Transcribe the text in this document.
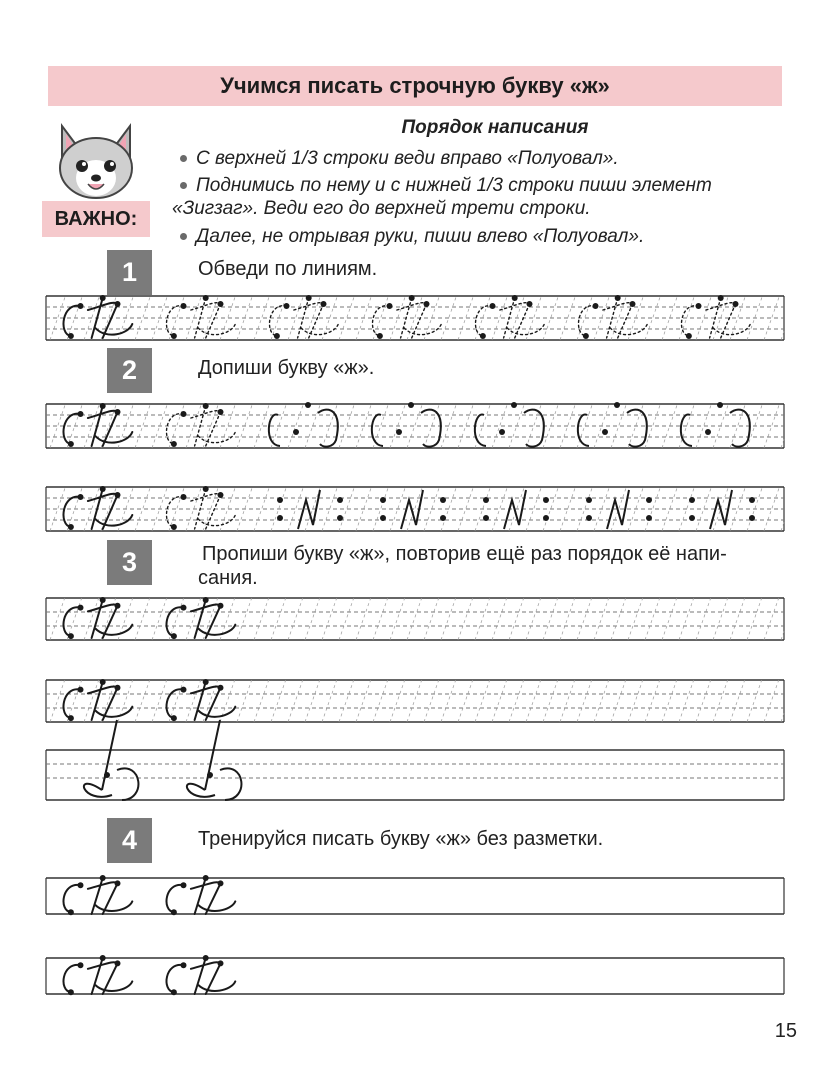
Учимся писать строчную букву «ж»
ВАЖНО:
Порядок написания
С верхней 1/3 строки веди вправо «Полуовал».
Поднимись по нему и с нижней 1/3 строки пиши элемент
«Зигзаг». Веди его до верхней трети строки.
Далее, не отрывая руки, пиши влево «Полуовал».
1	Обведи по линиям.
2	Допиши букву «ж».
3	Пропиши букву «ж», повторив ещё раз порядок её напи-
сания.
4	Тренируйся писать букву «ж» без разметки.
15
